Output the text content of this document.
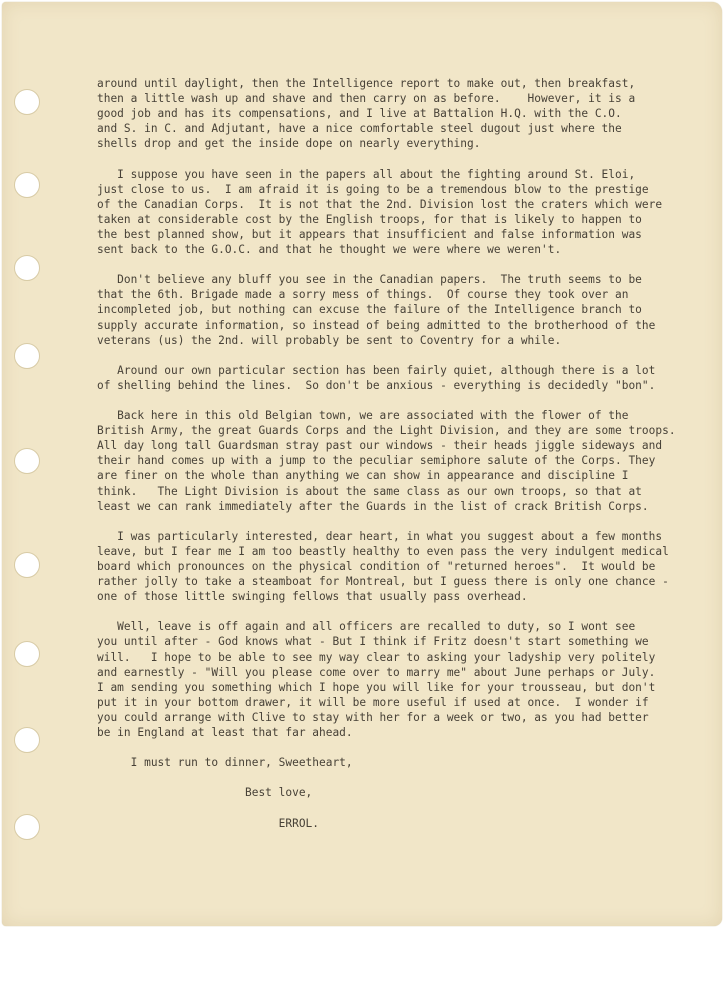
around until daylight, then the Intelligence report to make out, then breakfast,
then a little wash up and shave and then carry on as before.    However, it is a
good job and has its compensations, and I live at Battalion H.Q. with the C.O.
and S. in C. and Adjutant, have a nice comfortable steel dugout just where the
shells drop and get the inside dope on nearly everything.
I suppose you have seen in the papers all about the fighting around St. Eloi,
just close to us.  I am afraid it is going to be a tremendous blow to the prestige
of the Canadian Corps.  It is not that the 2nd. Division lost the craters which were
taken at considerable cost by the English troops, for that is likely to happen to
the best planned show, but it appears that insufficient and false information was
sent back to the G.O.C. and that he thought we were where we weren't.
Don't believe any bluff you see in the Canadian papers.  The truth seems to be
that the 6th. Brigade made a sorry mess of things.  Of course they took over an
incompleted job, but nothing can excuse the failure of the Intelligence branch to
supply accurate information, so instead of being admitted to the brotherhood of the
veterans (us) the 2nd. will probably be sent to Coventry for a while.
Around our own particular section has been fairly quiet, although there is a lot
of shelling behind the lines.  So don't be anxious - everything is decidedly "bon".
Back here in this old Belgian town, we are associated with the flower of the
British Army, the great Guards Corps and the Light Division, and they are some troops.
All day long tall Guardsman stray past our windows - their heads jiggle sideways and
their hand comes up with a jump to the peculiar semiphore salute of the Corps. They
are finer on the whole than anything we can show in appearance and discipline I
think.   The Light Division is about the same class as our own troops, so that at
least we can rank immediately after the Guards in the list of crack British Corps.
I was particularly interested, dear heart, in what you suggest about a few months
leave, but I fear me I am too beastly healthy to even pass the very indulgent medical
board which pronounces on the physical condition of "returned heroes".  It would be
rather jolly to take a steamboat for Montreal, but I guess there is only one chance -
one of those little swinging fellows that usually pass overhead.
Well, leave is off again and all officers are recalled to duty, so I wont see
you until after - God knows what - But I think if Fritz doesn't start something we
will.   I hope to be able to see my way clear to asking your ladyship very politely
and earnestly - "Will you please come over to marry me" about June perhaps or July.
I am sending you something which I hope you will like for your trousseau, but don't
put it in your bottom drawer, it will be more useful if used at once.  I wonder if
you could arrange with Clive to stay with her for a week or two, as you had better
be in England at least that far ahead.
I must run to dinner, Sweetheart,
Best love,
ERROL.
